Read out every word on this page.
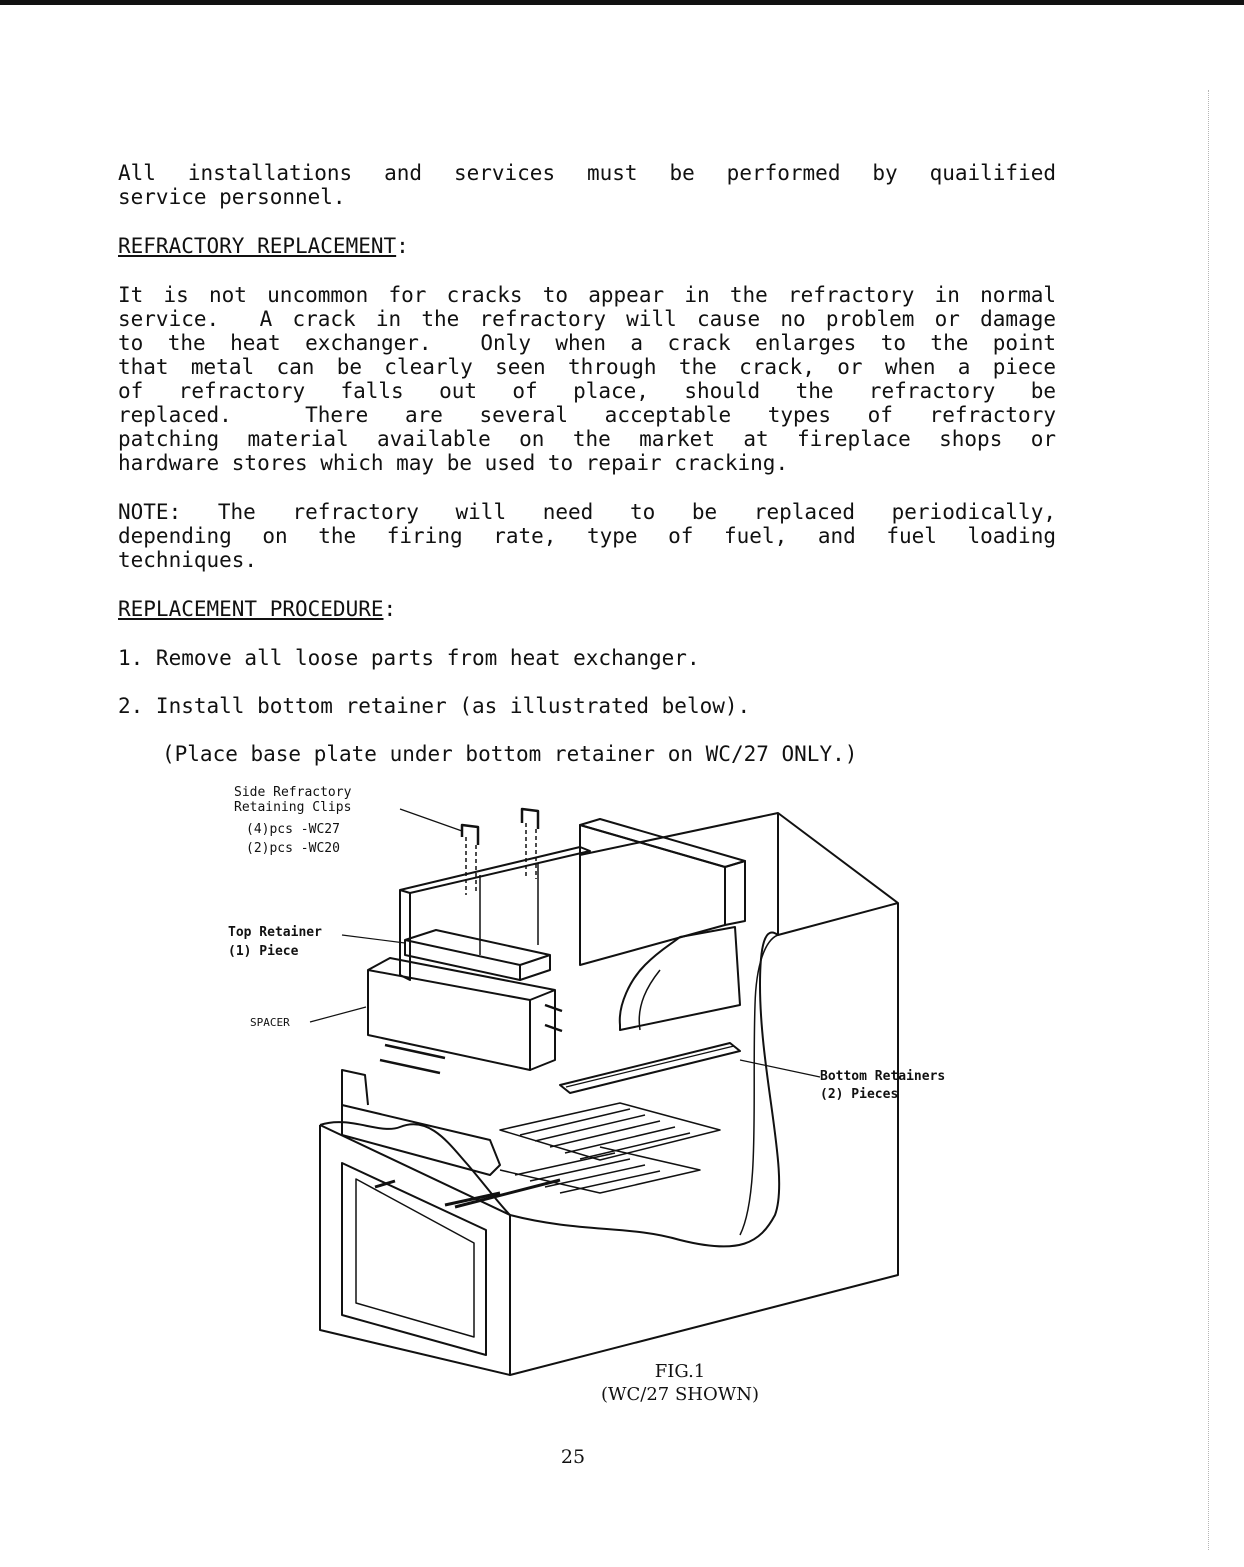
All installations and services must be performed by quailified

service personnel.

REFRACTORY REPLACEMENT:

It is not uncommon for cracks to appear in the refractory in normal

service.  A crack in the refractory will cause no problem or damage

to the heat exchanger.  Only when a crack enlarges to the point

that metal can be clearly seen through the crack, or when a piece

of refractory falls out of place, should the refractory be

replaced.  There are several acceptable types of refractory

patching material available on the market at fireplace shops or

hardware stores which may be used to repair cracking.

NOTE: The refractory will need to be replaced periodically,

depending on the firing rate, type of fuel, and fuel loading

techniques.

REPLACEMENT PROCEDURE:
1. Remove all loose parts from heat exchanger.
2. Install bottom retainer (as illustrated below).
(Place base plate under bottom retainer on WC/27 ONLY.)
Side Refractory
Retaining Clips
(4)pcs -WC27
(2)pcs -WC20
Top Retainer
(1) Piece
SPACER
Bottom Retainers
(2) Pieces
FIG.1
(WC/27 SHOWN)
25
